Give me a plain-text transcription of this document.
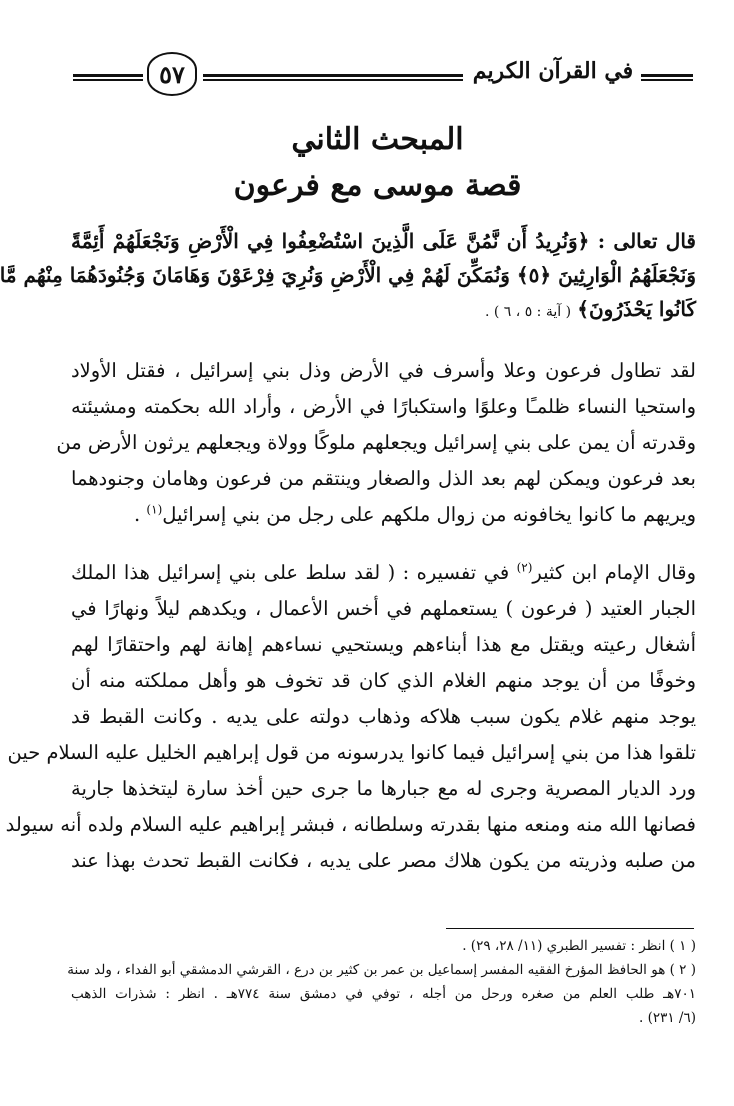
٥٧	في القرآن الكريم
المبحث الثاني
قصة موسى مع فرعون
قال تعالى : ﴿وَنُرِيدُ أَن نَّمُنَّ عَلَى الَّذِينَ اسْتُضْعِفُوا فِي الْأَرْضِ وَنَجْعَلَهُمْ أَئِمَّةً
وَنَجْعَلَهُمُ الْوَارِثِينَ ﴿٥﴾ وَنُمَكِّنَ لَهُمْ فِي الْأَرْضِ وَنُرِيَ فِرْعَوْنَ وَهَامَانَ وَجُنُودَهُمَا مِنْهُم مَّا
كَانُوا يَحْذَرُونَ﴾ ( آية : ٥ ، ٦ ) .
لقد تطاول فرعون وعلا وأسرف في الأرض وذل بني إسرائيل ، فقتل الأولاد
واستحيا النساء ظلمـًا وعلوًا واستكبارًا في الأرض ، وأراد الله بحكمته ومشيئته
وقدرته أن يمن على بني إسرائيل ويجعلهم ملوكًا وولاة ويجعلهم يرثون الأرض من
بعد فرعون ويمكن لهم بعد الذل والصغار وينتقم من فرعون وهامان وجنودهما
ويريهم ما كانوا يخافونه من زوال ملكهم على رجل من بني إسرائيل$^{(١)}$ .
وقال الإمام ابن كثير$^{(٢)}$ في تفسيره : ( لقد سلط على بني إسرائيل هذا الملك
الجبار العتيد ( فرعون ) يستعملهم في أخس الأعمال ، ويكدهم ليلاً ونهارًا في
أشغال رعيته ويقتل مع هذا أبناءهم ويستحيي نساءهم إهانة لهم واحتقارًا لهم
وخوفًا من أن يوجد منهم الغلام الذي كان قد تخوف هو وأهل مملكته منه أن
يوجد منهم غلام يكون سبب هلاكه وذهاب دولته على يديه . وكانت القبط قد
تلقوا هذا من بني إسرائيل فيما كانوا يدرسونه من قول إبراهيم الخليل عليه السلام حين
ورد الديار المصرية وجرى له مع جبارها ما جرى حين أخذ سارة ليتخذها جارية
فصانها الله منه ومنعه منها بقدرته وسلطانه ، فبشر إبراهيم عليه السلام ولده أنه سيولد
من صلبه وذريته من يكون هلاك مصر على يديه ، فكانت القبط تحدث بهذا عند
( ١ ) انظر : تفسير الطبري (١١/ ٢٨، ٢٩) .
( ٢ ) هو الحافظ المؤرخ الفقيه المفسر إسماعيل بن عمر بن كثير بن درع ، القرشي الدمشقي أبو الفداء ، ولد سنة
٧٠١هـ طلب العلم من صغره ورحل من أجله ، توفي في دمشق سنة ٧٧٤هـ . انظر : شذرات الذهب
(٦/ ٢٣١) .
